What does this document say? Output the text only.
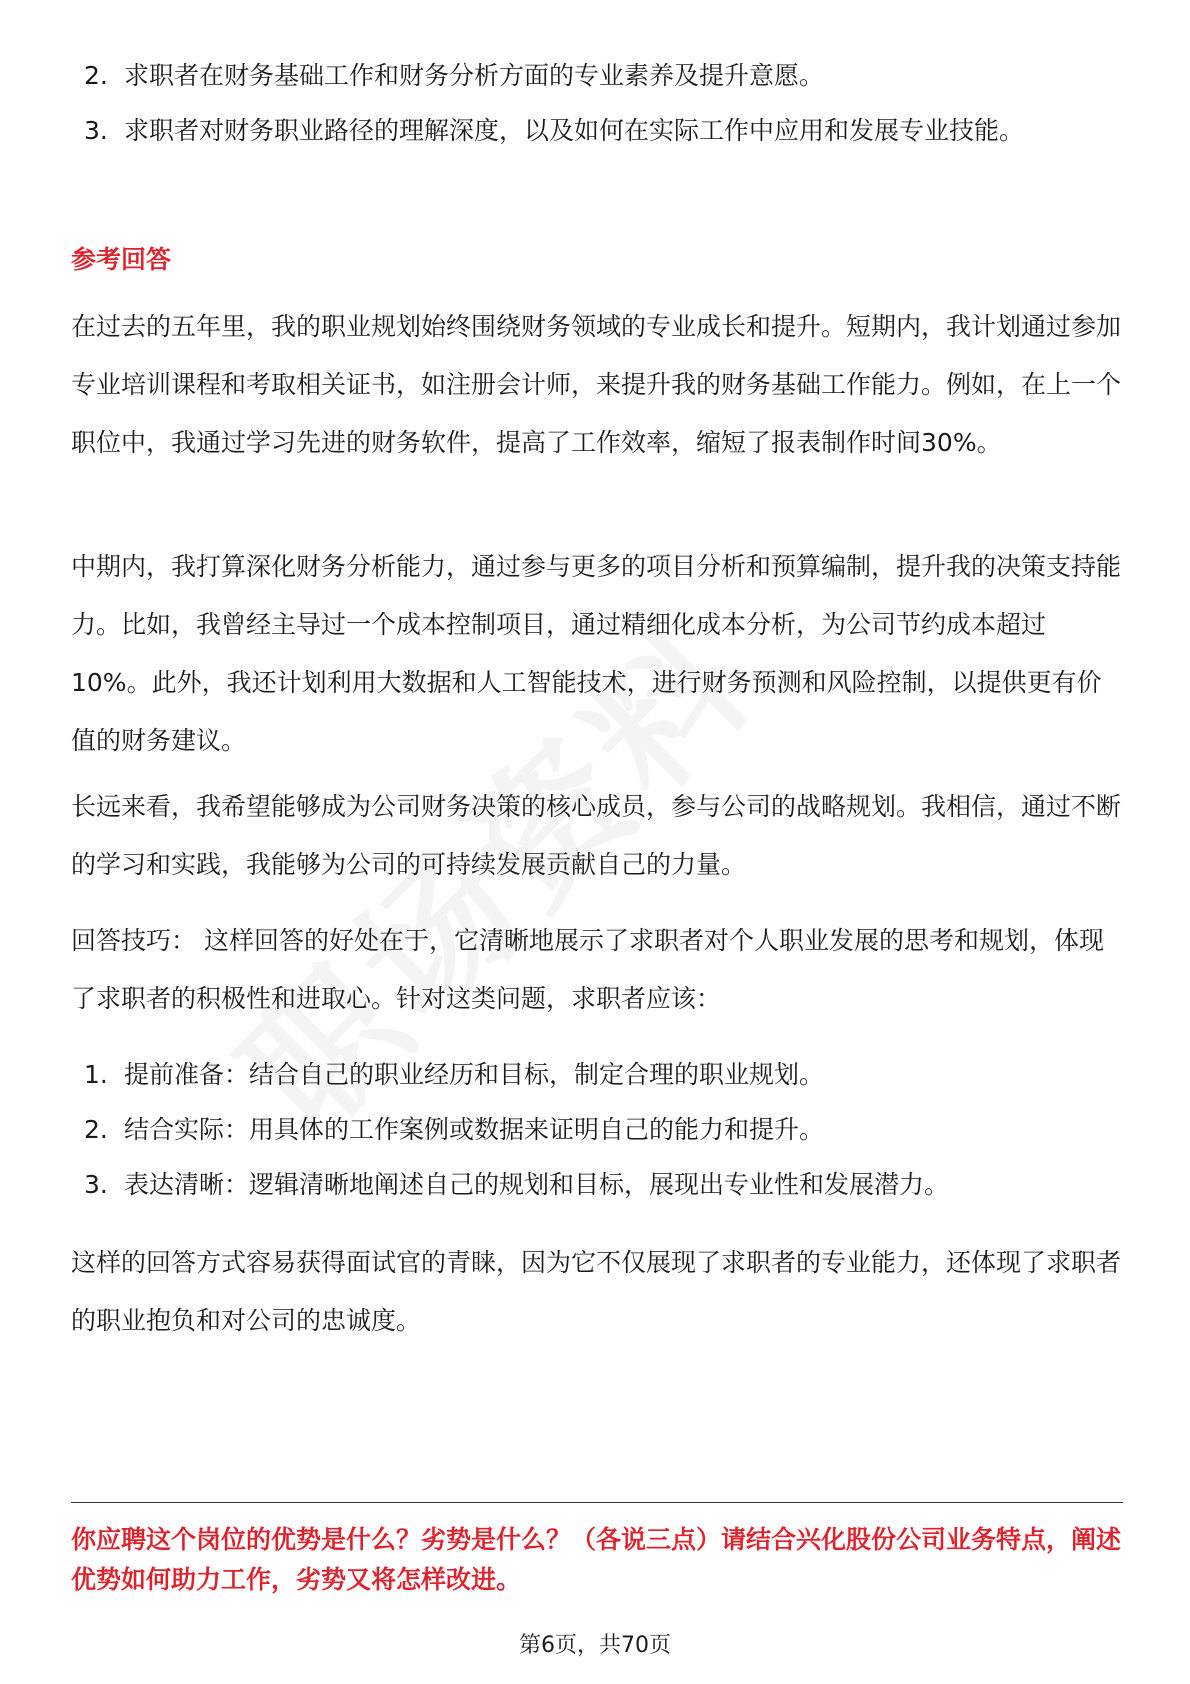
2. 求职者在财务基础工作和财务分析方面的专业素养及提升意愿。
3. 求职者对财务职业路径的理解深度，以及如何在实际工作中应用和发展专业技能。
参考回答
在过去的五年里，我的职业规划始终围绕财务领域的专业成长和提升。短期内，我计划通过参加专业培训课程和考取相关证书，如注册会计师，来提升我的财务基础工作能力。例如，在上一个职位中，我通过学习先进的财务软件，提高了工作效率，缩短了报表制作时间30%。
中期内，我打算深化财务分析能力，通过参与更多的项目分析和预算编制，提升我的决策支持能力。比如，我曾经主导过一个成本控制项目，通过精细化成本分析，为公司节约成本超过10%。此外，我还计划利用大数据和人工智能技术，进行财务预测和风险控制，以提供更有价值的财务建议。
长远来看，我希望能够成为公司财务决策的核心成员，参与公司的战略规划。我相信，通过不断的学习和实践，我能够为公司的可持续发展贡献自己的力量。
回答技巧： 这样回答的好处在于，它清晰地展示了求职者对个人职业发展的思考和规划，体现了求职者的积极性和进取心。针对这类问题，求职者应该：
1. 提前准备：结合自己的职业经历和目标，制定合理的职业规划。
2. 结合实际：用具体的工作案例或数据来证明自己的能力和提升。
3. 表达清晰：逻辑清晰地阐述自己的规划和目标，展现出专业性和发展潜力。
这样的回答方式容易获得面试官的青睐，因为它不仅展现了求职者的专业能力，还体现了求职者的职业抱负和对公司的忠诚度。
你应聘这个岗位的优势是什么？劣势是什么？（各说三点）请结合兴化股份公司业务特点，阐述优势如何助力工作，劣势又将怎样改进。
第6页，共70页
